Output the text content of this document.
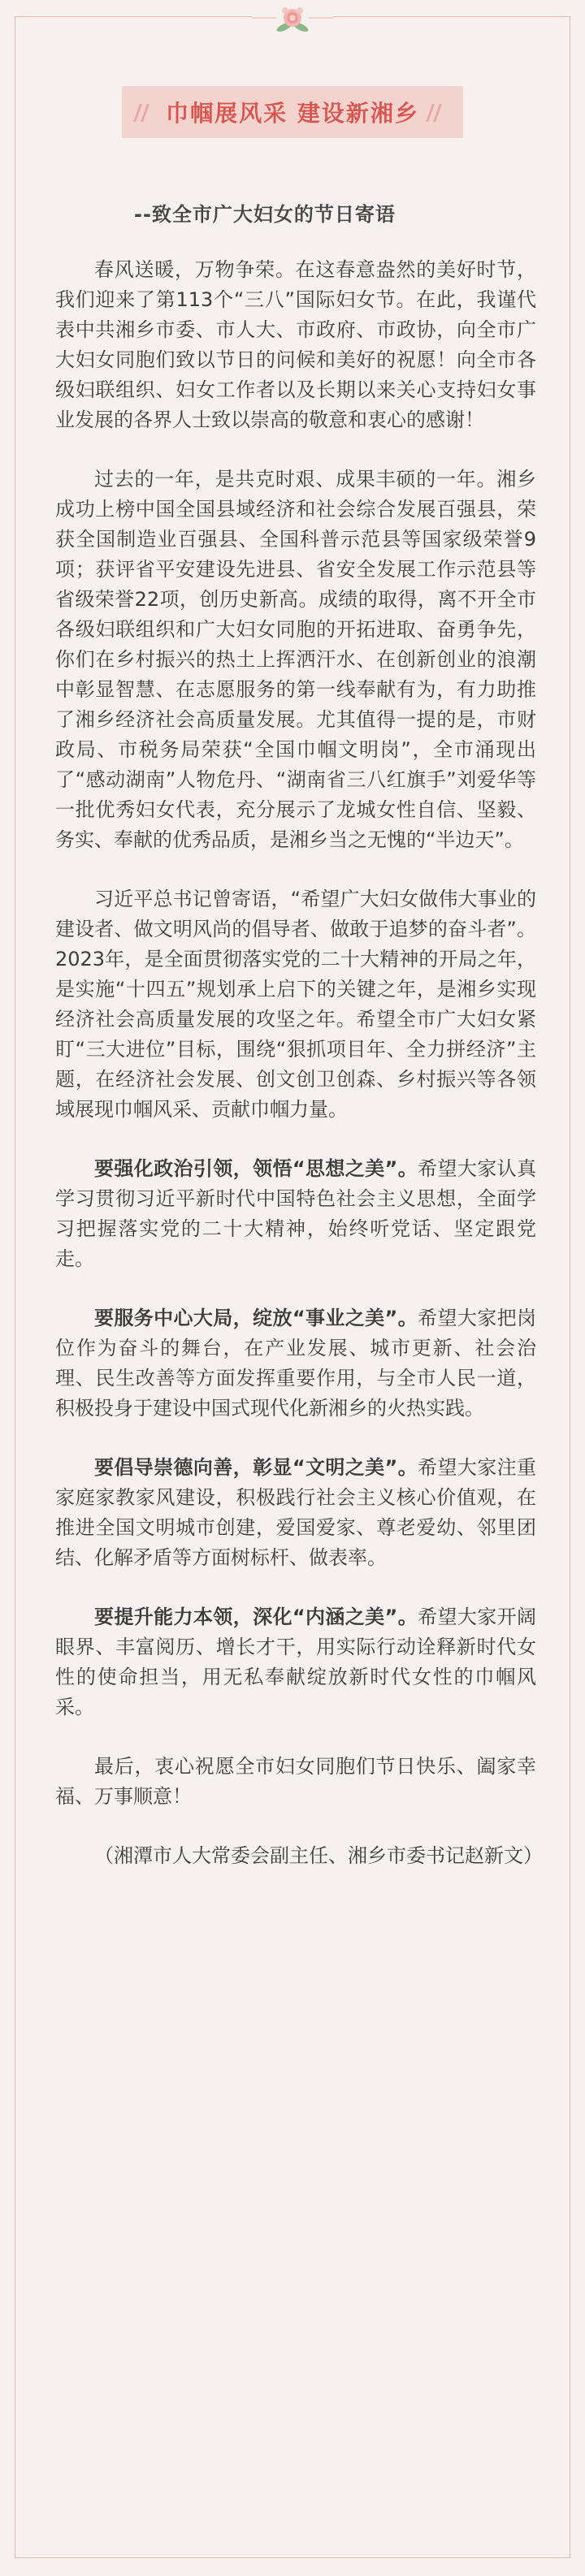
巾帼展风采 建设新湘乡
--致全市广大妇女的节日寄语

春风送暖，万物争荣。在这春意盎然的美好时节，我们迎来了第113个“三八”国际妇女节。在此，我谨代表中共湘乡市委、市人大、市政府、市政协，向全市广大妇女同胞们致以节日的问候和美好的祝愿！向全市各级妇联组织、妇女工作者以及长期以来关心支持妇女事业发展的各界人士致以崇高的敬意和衷心的感谢！

过去的一年，是共克时艰、成果丰硕的一年。湘乡成功上榜中国全国县域经济和社会综合发展百强县，荣获全国制造业百强县、全国科普示范县等国家级荣誉9项；获评省平安建设先进县、省安全发展工作示范县等省级荣誉22项，创历史新高。成绩的取得，离不开全市各级妇联组织和广大妇女同胞的开拓进取、奋勇争先，你们在乡村振兴的热土上挥洒汗水、在创新创业的浪潮中彰显智慧、在志愿服务的第一线奉献有为，有力助推了湘乡经济社会高质量发展。尤其值得一提的是，市财政局、市税务局荣获“全国巾帼文明岗”，全市涌现出了“感动湖南”人物危丹、“湖南省三八红旗手”刘爱华等一批优秀妇女代表，充分展示了龙城女性自信、坚毅、务实、奉献的优秀品质，是湘乡当之无愧的“半边天”。

习近平总书记曾寄语，“希望广大妇女做伟大事业的建设者、做文明风尚的倡导者、做敢于追梦的奋斗者”。2023年，是全面贯彻落实党的二十大精神的开局之年，是实施“十四五”规划承上启下的关键之年，是湘乡实现经济社会高质量发展的攻坚之年。希望全市广大妇女紧盯“三大进位”目标，围绕“狠抓项目年、全力拼经济”主题，在经济社会发展、创文创卫创森、乡村振兴等各领域展现巾帼风采、贡献巾帼力量。

要强化政治引领，领悟“思想之美”。希望大家认真学习贯彻习近平新时代中国特色社会主义思想，全面学习把握落实党的二十大精神，始终听党话、坚定跟党走。

要服务中心大局，绽放“事业之美”。希望大家把岗位作为奋斗的舞台，在产业发展、城市更新、社会治理、民生改善等方面发挥重要作用，与全市人民一道，积极投身于建设中国式现代化新湘乡的火热实践。

要倡导崇德向善，彰显“文明之美”。希望大家注重家庭家教家风建设，积极践行社会主义核心价值观，在推进全国文明城市创建，爱国爱家、尊老爱幼、邻里团结、化解矛盾等方面树标杆、做表率。

要提升能力本领，深化“内涵之美”。希望大家开阔眼界、丰富阅历、增长才干，用实际行动诠释新时代女性的使命担当，用无私奉献绽放新时代女性的巾帼风采。

最后，衷心祝愿全市妇女同胞们节日快乐、阖家幸福、万事顺意！

（湘潭市人大常委会副主任、湘乡市委书记赵新文）
